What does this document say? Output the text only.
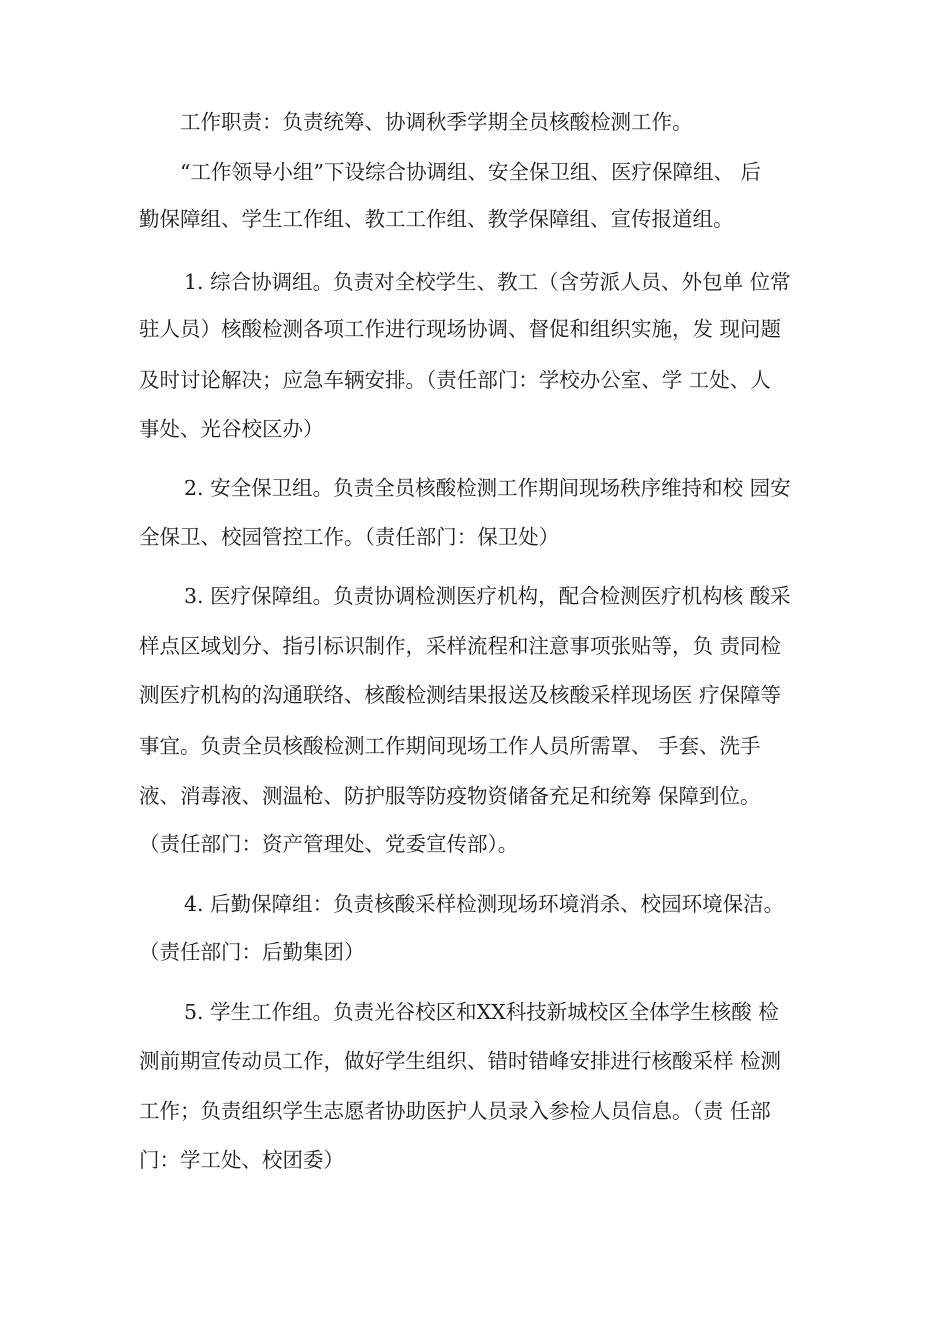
工作职责：负责统筹、协调秋季学期全员核酸检测工作。
“工作领导小组”下设综合协调组、安全保卫组、医疗保障组、 后
勤保障组、学生工作组、教工工作组、教学保障组、宣传报道组。
1. 综合协调组。负责对全校学生、教工（含劳派人员、外包单 位常
驻人员）核酸检测各项工作进行现场协调、督促和组织实施，发 现问题
及时讨论解决；应急车辆安排。（责任部门：学校办公室、学 工处、人
事处、光谷校区办）
2. 安全保卫组。负责全员核酸检测工作期间现场秩序维持和校 园安
全保卫、校园管控工作。（责任部门：保卫处）
3. 医疗保障组。负责协调检测医疗机构，配合检测医疗机构核 酸采
样点区域划分、指引标识制作，采样流程和注意事项张贴等，负 责同检
测医疗机构的沟通联络、核酸检测结果报送及核酸采样现场医 疗保障等
事宜。负责全员核酸检测工作期间现场工作人员所需罩、 手套、洗手
液、消毒液、测温枪、防护服等防疫物资储备充足和统筹 保障到位。
（责任部门：资产管理处、党委宣传部）。
4. 后勤保障组：负责核酸采样检测现场环境消杀、校园环境保洁。
（责任部门：后勤集团）
5. 学生工作组。负责光谷校区和XX科技新城校区全体学生核酸 检
测前期宣传动员工作，做好学生组织、错时错峰安排进行核酸采样 检测
工作；负责组织学生志愿者协助医护人员录入参检人员信息。（责 任部
门：学工处、校团委）
